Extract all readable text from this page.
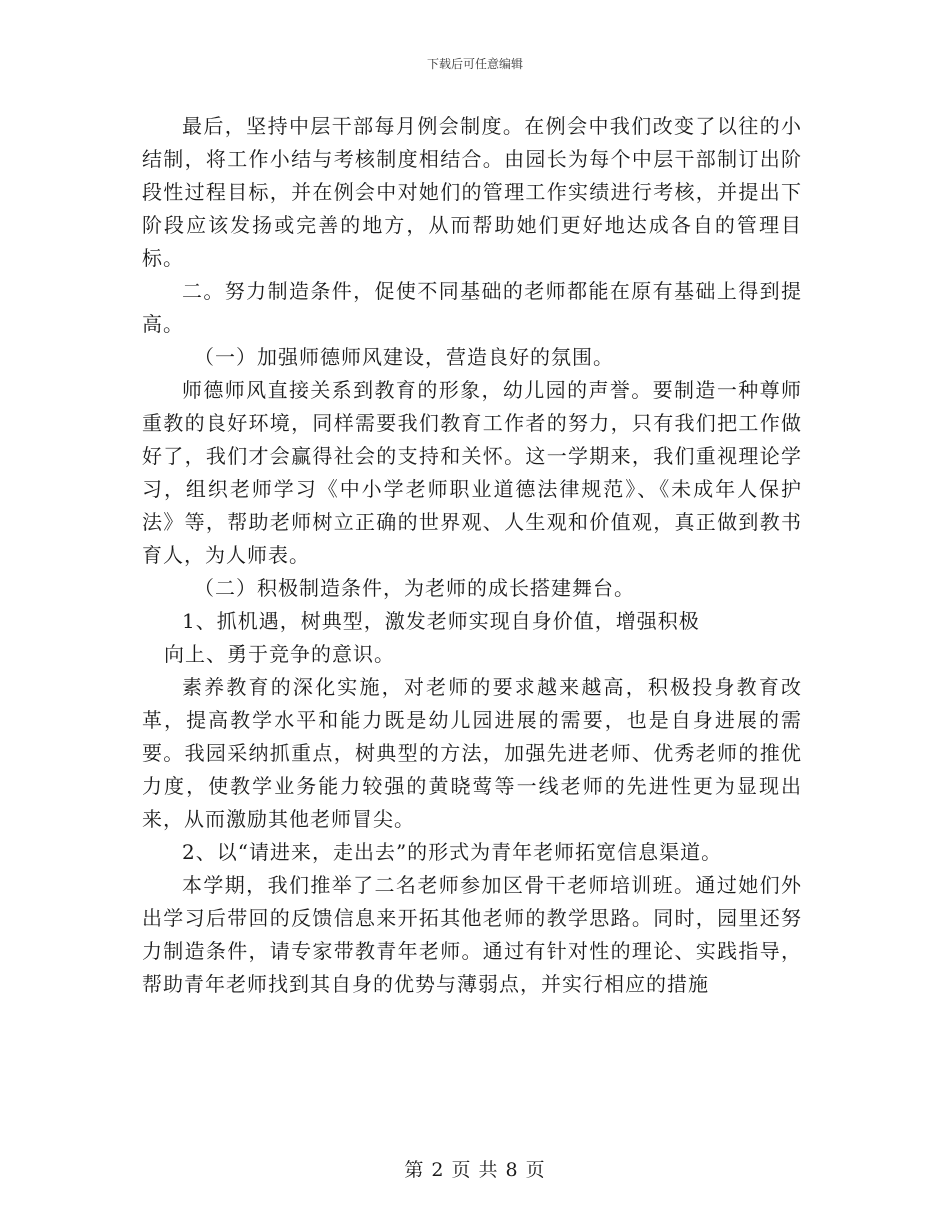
下载后可任意编辑

最后，坚持中层干部每月例会制度。在例会中我们改变了以往的小结制，将工作小结与考核制度相结合。由园长为每个中层干部制订出阶段性过程目标，并在例会中对她们的管理工作实绩进行考核，并提出下阶段应该发扬或完善的地方，从而帮助她们更好地达成各自的管理目标。

二。努力制造条件，促使不同基础的老师都能在原有基础上得到提高。

（一）加强师德师风建设，营造良好的氛围。

师德师风直接关系到教育的形象，幼儿园的声誉。要制造一种尊师重教的良好环境，同样需要我们教育工作者的努力，只有我们把工作做好了，我们才会赢得社会的支持和关怀。这一学期来，我们重视理论学习，组织老师学习《中小学老师职业道德法律规范》、《未成年人保护法》等，帮助老师树立正确的世界观、人生观和价值观，真正做到教书育人，为人师表。

（二）积极制造条件，为老师的成长搭建舞台。

1、抓机遇，树典型，激发老师实现自身价值，增强积极

向上、勇于竞争的意识。

素养教育的深化实施，对老师的要求越来越高，积极投身教育改革，提高教学水平和能力既是幼儿园进展的需要，也是自身进展的需要。我园采纳抓重点，树典型的方法，加强先进老师、优秀老师的推优力度，使教学业务能力较强的黄晓莺等一线老师的先进性更为显现出来，从而激励其他老师冒尖。

2、以“请进来，走出去”的形式为青年老师拓宽信息渠道。

本学期，我们推举了二名老师参加区骨干老师培训班。通过她们外出学习后带回的反馈信息来开拓其他老师的教学思路。同时，园里还努力制造条件，请专家带教青年老师。通过有针对性的理论、实践指导，帮助青年老师找到其自身的优势与薄弱点，并实行相应的措施

第 2 页 共 8 页
